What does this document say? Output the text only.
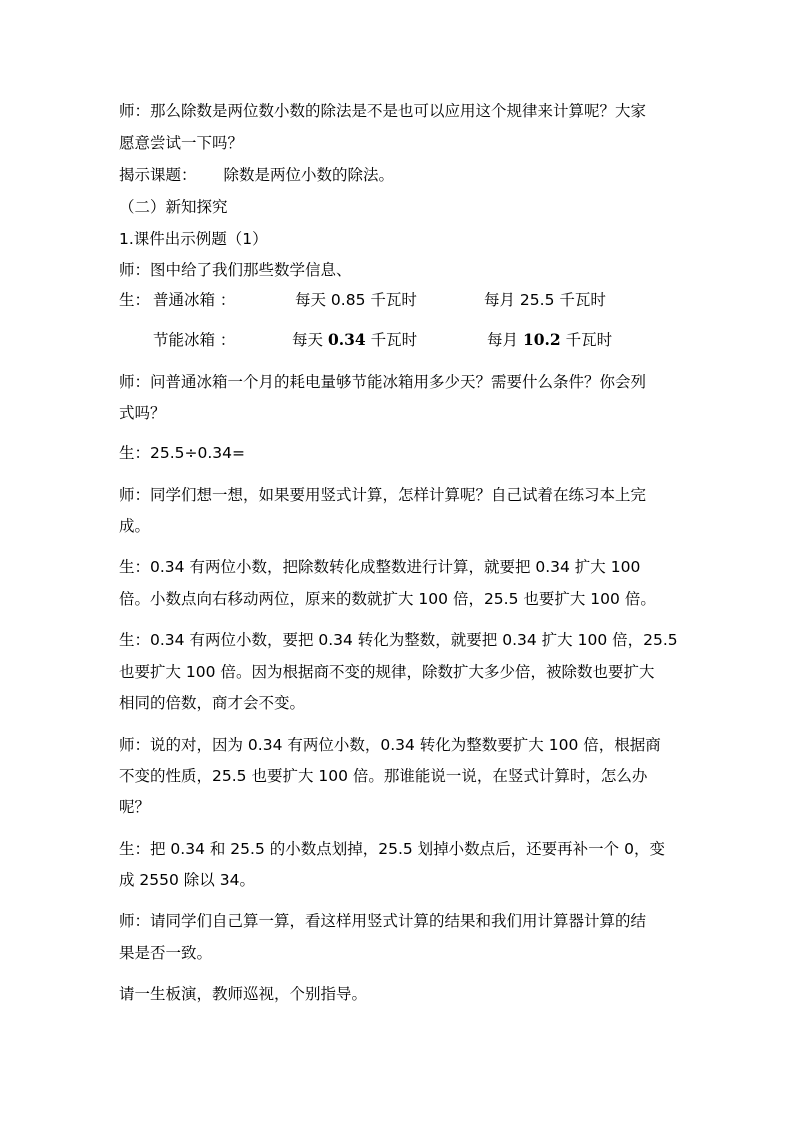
师：那么除数是两位数小数的除法是不是也可以应用这个规律来计算呢？大家
愿意尝试一下吗？
揭示课题： 除数是两位小数的除法。
（二）新知探究
1.课件出示例题（1）
师：图中给了我们那些数学信息、
生： 普通冰箱 ：	每天 0.85 千瓦时	每月 25.5 千瓦时
节能冰箱 ：	每天 0.34 千瓦时	每月 10.2 千瓦时
师：问普通冰箱一个月的耗电量够节能冰箱用多少天？需要什么条件？你会列
式吗？
生：25.5÷0.34=
师：同学们想一想，如果要用竖式计算，怎样计算呢？自己试着在练习本上完
成。
生：0.34 有两位小数，把除数转化成整数进行计算，就要把 0.34 扩大 100
倍。小数点向右移动两位，原来的数就扩大 100 倍，25.5 也要扩大 100 倍。
生：0.34 有两位小数，要把 0.34 转化为整数，就要把 0.34 扩大 100 倍，25.5
也要扩大 100 倍。因为根据商不变的规律，除数扩大多少倍，被除数也要扩大
相同的倍数，商才会不变。
师：说的对，因为 0.34 有两位小数，0.34 转化为整数要扩大 100 倍，根据商
不变的性质，25.5 也要扩大 100 倍。那谁能说一说，在竖式计算时，怎么办
呢？
生：把 0.34 和 25.5 的小数点划掉，25.5 划掉小数点后，还要再补一个 0，变
成 2550 除以 34。
师：请同学们自己算一算，看这样用竖式计算的结果和我们用计算器计算的结
果是否一致。
请一生板演，教师巡视，个别指导。
